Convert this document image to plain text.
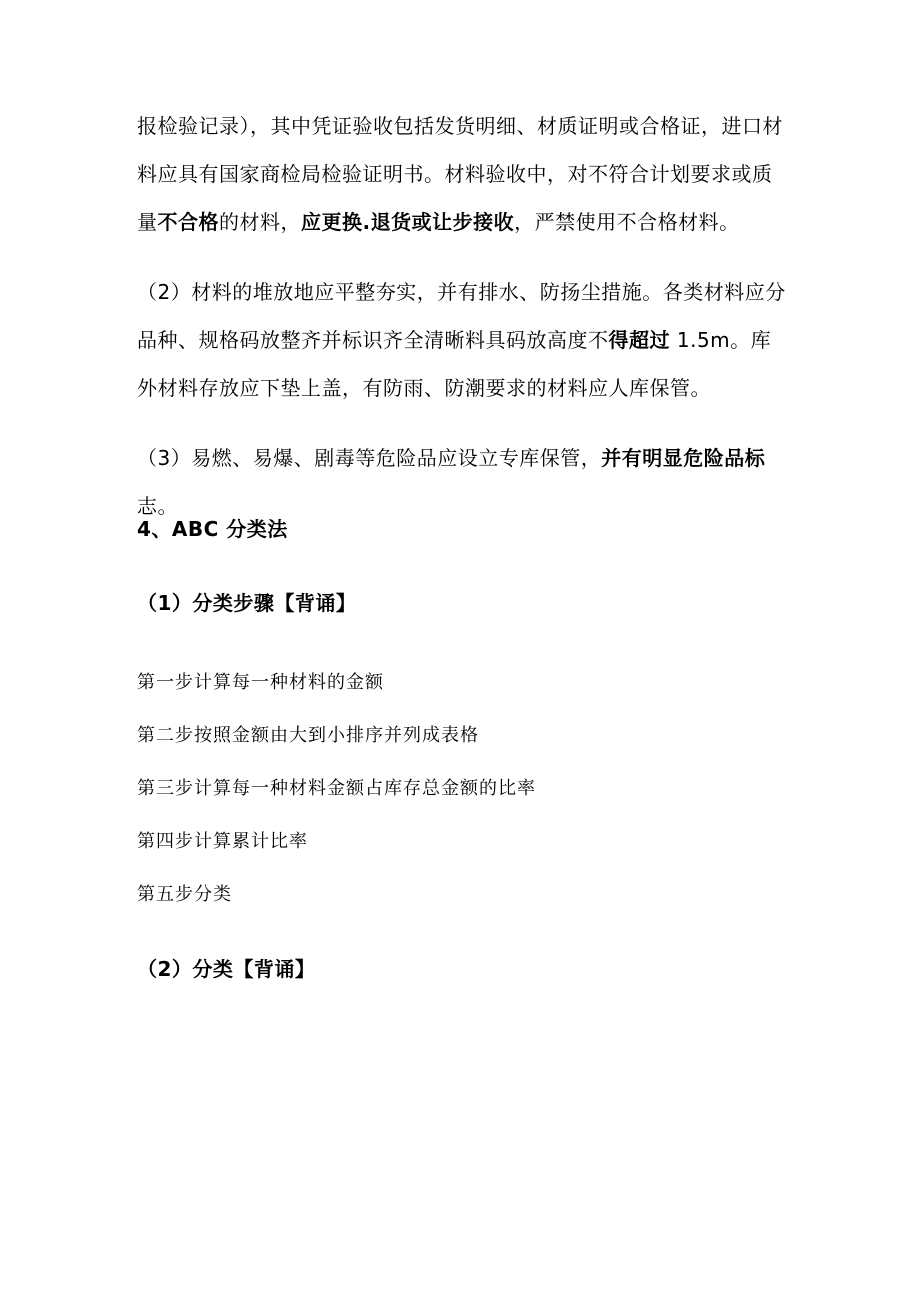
报检验记录），其中凭证验收包括发货明细、材质证明或合格证，进口材料应具有国家商检局检验证明书。材料验收中，对不符合计划要求或质量不合格的材料，应更换.退货或让步接收，严禁使用不合格材料。

（2）材料的堆放地应平整夯实，并有排水、防扬尘措施。各类材料应分品种、规格码放整齐并标识齐全清晰料具码放高度不得超过 1.5m。库外材料存放应下垫上盖，有防雨、防潮要求的材料应人库保管。

（3）易燃、易爆、剧毒等危险品应设立专库保管，并有明显危险品标志。

4、ABC 分类法
（1）分类步骤【背诵】
第一步计算每一种材料的金额
第二步按照金额由大到小排序并列成表格
第三步计算每一种材料金额占库存总金额的比率
第四步计算累计比率
第五步分类
（2）分类【背诵】
